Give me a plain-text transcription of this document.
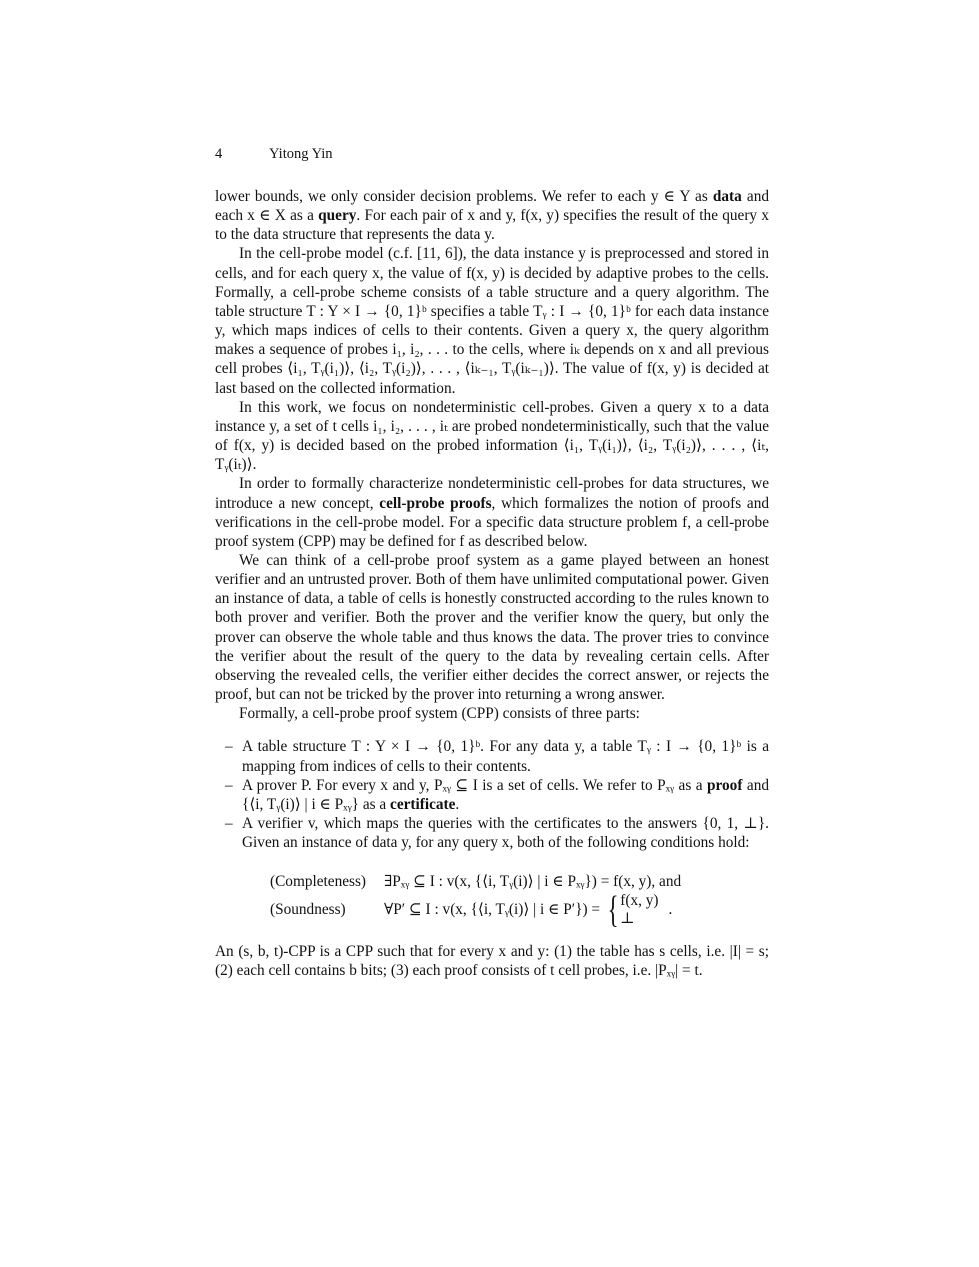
4	Yitong Yin

lower bounds, we only consider decision problems. We refer to each y ∈ Y as data and each x ∈ X as a query. For each pair of x and y, f(x, y) specifies the result of the query x to the data structure that represents the data y.

In the cell-probe model (c.f. [11, 6]), the data instance y is preprocessed and stored in cells, and for each query x, the value of f(x, y) is decided by adaptive probes to the cells. Formally, a cell-probe scheme consists of a table structure and a query algorithm. The table structure T : Y × I → {0, 1}ᵇ specifies a table Tᵧ : I → {0, 1}ᵇ for each data instance y, which maps indices of cells to their contents. Given a query x, the query algorithm makes a sequence of probes i₁, i₂, . . . to the cells, where iₖ depends on x and all previous cell probes ⟨i₁, Tᵧ(i₁)⟩, ⟨i₂, Tᵧ(i₂)⟩, . . . , ⟨iₖ₋₁, Tᵧ(iₖ₋₁)⟩. The value of f(x, y) is decided at last based on the collected information.

In this work, we focus on nondeterministic cell-probes. Given a query x to a data instance y, a set of t cells i₁, i₂, . . . , iₜ are probed nondeterministically, such that the value of f(x, y) is decided based on the probed information ⟨i₁, Tᵧ(i₁)⟩, ⟨i₂, Tᵧ(i₂)⟩, . . . , ⟨iₜ, Tᵧ(iₜ)⟩.

In order to formally characterize nondeterministic cell-probes for data structures, we introduce a new concept, cell-probe proofs, which formalizes the notion of proofs and verifications in the cell-probe model. For a specific data structure problem f, a cell-probe proof system (CPP) may be defined for f as described below.

We can think of a cell-probe proof system as a game played between an honest verifier and an untrusted prover. Both of them have unlimited computational power. Given an instance of data, a table of cells is honestly constructed according to the rules known to both prover and verifier. Both the prover and the verifier know the query, but only the prover can observe the whole table and thus knows the data. The prover tries to convince the verifier about the result of the query to the data by revealing certain cells. After observing the revealed cells, the verifier either decides the correct answer, or rejects the proof, but can not be tricked by the prover into returning a wrong answer.

Formally, a cell-probe proof system (CPP) consists of three parts:

– A table structure T : Y × I → {0, 1}ᵇ. For any data y, a table Tᵧ : I → {0, 1}ᵇ is a mapping from indices of cells to their contents.
– A prover P. For every x and y, Pₓᵧ ⊆ I is a set of cells. We refer to Pₓᵧ as a proof and {⟨i, Tᵧ(i)⟩ | i ∈ Pₓᵧ} as a certificate.
– A verifier v, which maps the queries with the certificates to the answers {0, 1, ⊥}. Given an instance of data y, for any query x, both of the following conditions hold:
(Completeness)	∃Pₓᵧ ⊆ I : v(x, {⟨i, Tᵧ(i)⟩ | i ∈ Pₓᵧ}) = f(x, y), and
(Soundness)	∀P′ ⊆ I : v(x, {⟨i, Tᵧ(i)⟩ | i ∈ P′}) = { f(x, y)
⊥
.

An (s, b, t)-CPP is a CPP such that for every x and y: (1) the table has s cells, i.e. |I| = s; (2) each cell contains b bits; (3) each proof consists of t cell probes, i.e. |Pₓᵧ| = t.
